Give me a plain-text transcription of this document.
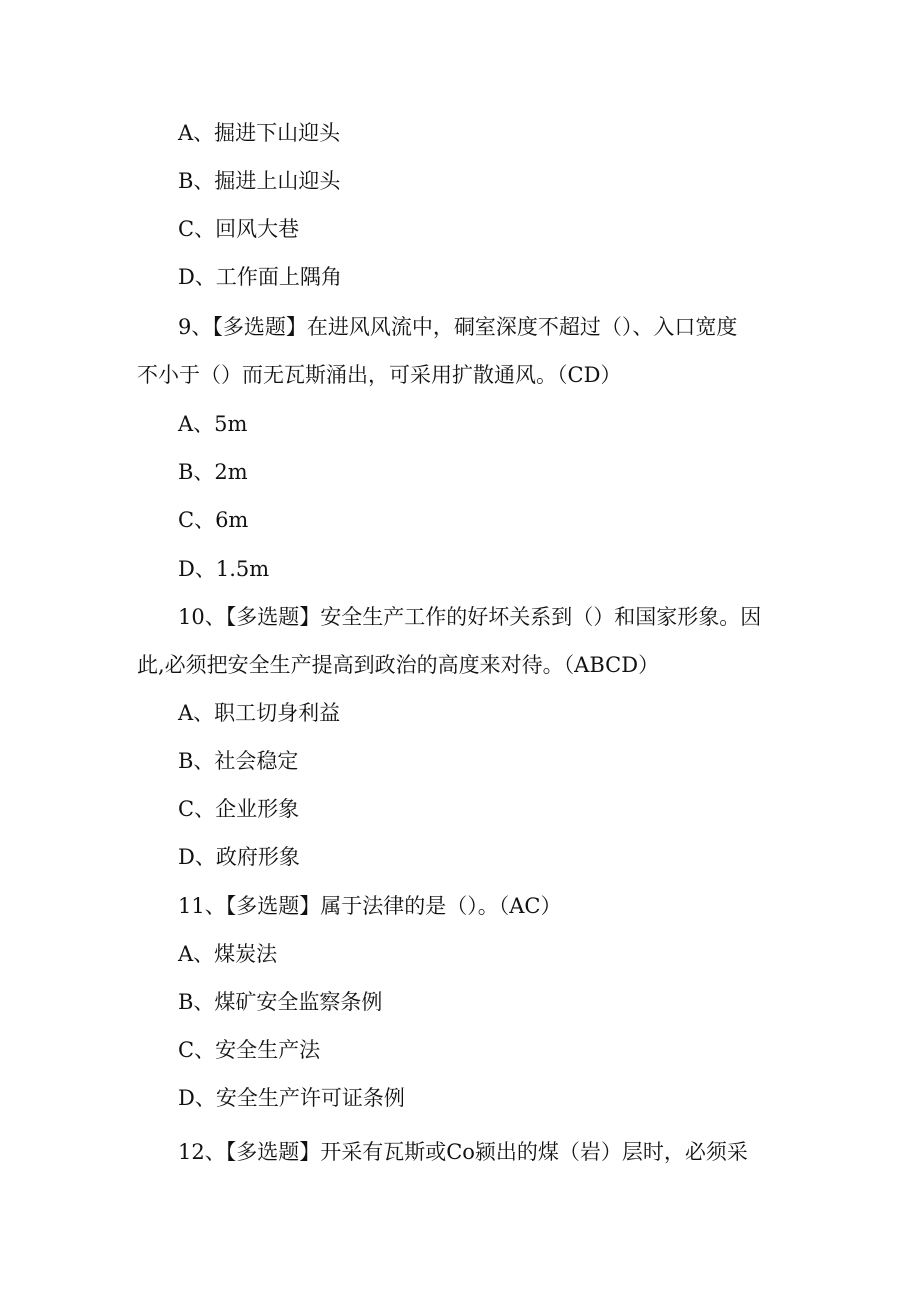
A、掘进下山迎头
B、掘进上山迎头
C、回风大巷
D、工作面上隅角
9、【多选题】在进风风流中，硐室深度不超过（）、入口宽度
不小于（）而无瓦斯涌出，可采用扩散通风。（CD）
A、5m
B、2m
C、6m
D、1.5m
10、【多选题】安全生产工作的好坏关系到（）和国家形象。因
此,必须把安全生产提高到政治的高度来对待。（ABCD）
A、职工切身利益
B、社会稳定
C、企业形象
D、政府形象
11、【多选题】属于法律的是（）。（AC）
A、煤炭法
B、煤矿安全监察条例
C、安全生产法
D、安全生产许可证条例
12、【多选题】开采有瓦斯或Co颍出的煤（岩）层时，必须采
